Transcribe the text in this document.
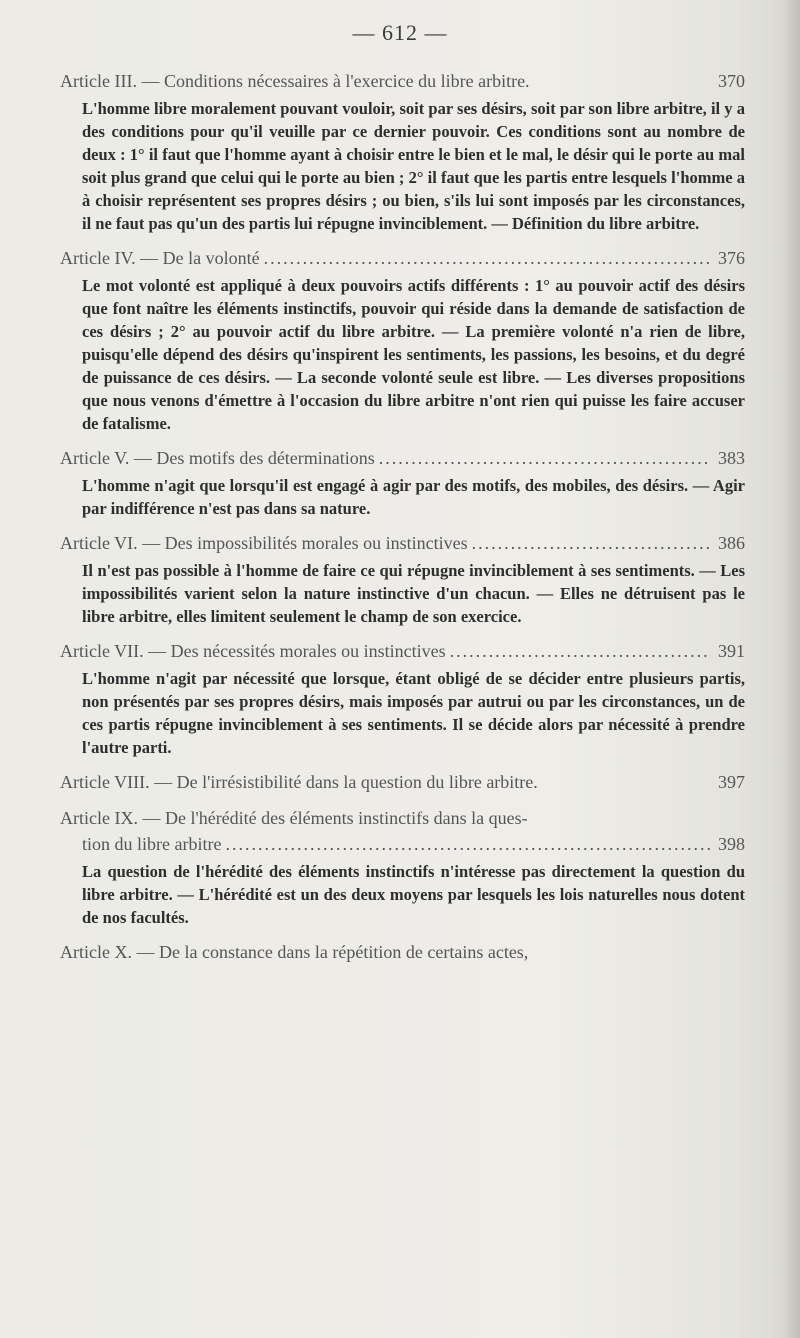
— 612 —
Article III. — Conditions nécessaires à l'exercice du libre arbitre.	370
L'homme libre moralement pouvant vouloir, soit par ses désirs, soit par son libre arbitre, il y a des conditions pour qu'il veuille par ce dernier pouvoir. Ces conditions sont au nombre de deux : 1° il faut que l'homme ayant à choisir entre le bien et le mal, le désir qui le porte au mal soit plus grand que celui qui le porte au bien ; 2° il faut que les partis entre lesquels l'homme a à choisir représentent ses propres désirs ; ou bien, s'ils lui sont imposés par les circonstances, il ne faut pas qu'un des partis lui répugne invinciblement. — Définition du libre arbitre.
Article IV. — De la volonté .....	376
Le mot volonté est appliqué à deux pouvoirs actifs différents : 1° au pouvoir actif des désirs que font naître les éléments instinctifs, pouvoir qui réside dans la demande de satisfaction de ces désirs ; 2° au pouvoir actif du libre arbitre. — La première volonté n'a rien de libre, puisqu'elle dépend des désirs qu'inspirent les sentiments, les passions, les besoins, et du degré de puissance de ces désirs. — La seconde volonté seule est libre. — Les diverses propositions que nous venons d'émettre à l'occasion du libre arbitre n'ont rien qui puisse les faire accuser de fatalisme.
Article V. — Des motifs des déterminations .....	383
L'homme n'agit que lorsqu'il est engagé à agir par des motifs, des mobiles, des désirs. — Agir par indifférence n'est pas dans sa nature.
Article VI. — Des impossibilités morales ou instinctives .....	386
Il n'est pas possible à l'homme de faire ce qui répugne invinciblement à ses sentiments. — Les impossibilités varient selon la nature instinctive d'un chacun. — Elles ne détruisent pas le libre arbitre, elles limitent seulement le champ de son exercice.
Article VII. — Des nécessités morales ou instinctives .....	391
L'homme n'agit par nécessité que lorsque, étant obligé de se décider entre plusieurs partis, non présentés par ses propres désirs, mais imposés par autrui ou par les circonstances, un de ces partis répugne invinciblement à ses sentiments. Il se décide alors par nécessité à prendre l'autre parti.
Article VIII. — De l'irrésistibilité dans la question du libre arbitre.	397
Article IX. — De l'hérédité des éléments instinctifs dans la ques-
tion du libre arbitre .....	398
La question de l'hérédité des éléments instinctifs n'intéresse pas directement la question du libre arbitre. — L'hérédité est un des deux moyens par lesquels les lois naturelles nous dotent de nos facultés.
Article X. — De la constance dans la répétition de certains actes,
